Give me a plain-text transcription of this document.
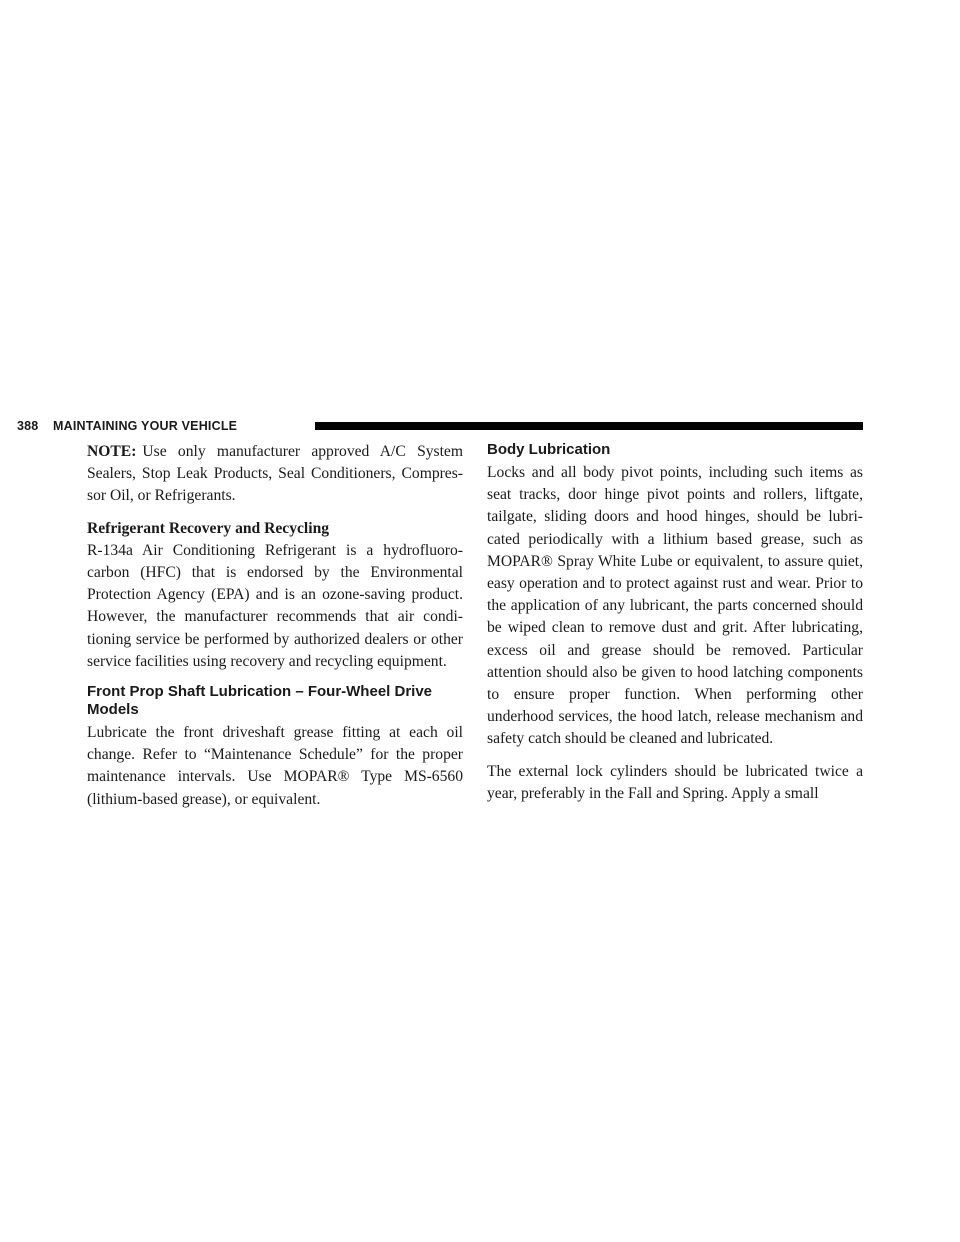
388 MAINTAINING YOUR VEHICLE

NOTE: Use only manufacturer approved A/C System Sealers, Stop Leak Products, Seal Conditioners, Compres- sor Oil, or Refrigerants.

Refrigerant Recovery and Recycling

R-134a Air Conditioning Refrigerant is a hydrofluoro- carbon (HFC) that is endorsed by the Environmental Protection Agency (EPA) and is an ozone-saving product. However, the manufacturer recommends that air condi- tioning service be performed by authorized dealers or other service facilities using recovery and recycling equipment.

Front Prop Shaft Lubrication – Four-Wheel Drive Models

Lubricate the front driveshaft grease fitting at each oil change. Refer to “Maintenance Schedule” for the proper maintenance intervals. Use MOPAR® Type MS-6560 (lithium-based grease), or equivalent.

Body Lubrication

Locks and all body pivot points, including such items as seat tracks, door hinge pivot points and rollers, liftgate, tailgate, sliding doors and hood hinges, should be lubri- cated periodically with a lithium based grease, such as MOPAR® Spray White Lube or equivalent, to assure quiet, easy operation and to protect against rust and wear. Prior to the application of any lubricant, the parts concerned should be wiped clean to remove dust and grit. After lubricating, excess oil and grease should be removed. Particular attention should also be given to hood latching components to ensure proper function. When performing other underhood services, the hood latch, release mechanism and safety catch should be cleaned and lubricated.

The external lock cylinders should be lubricated twice a year, preferably in the Fall and Spring. Apply a small
